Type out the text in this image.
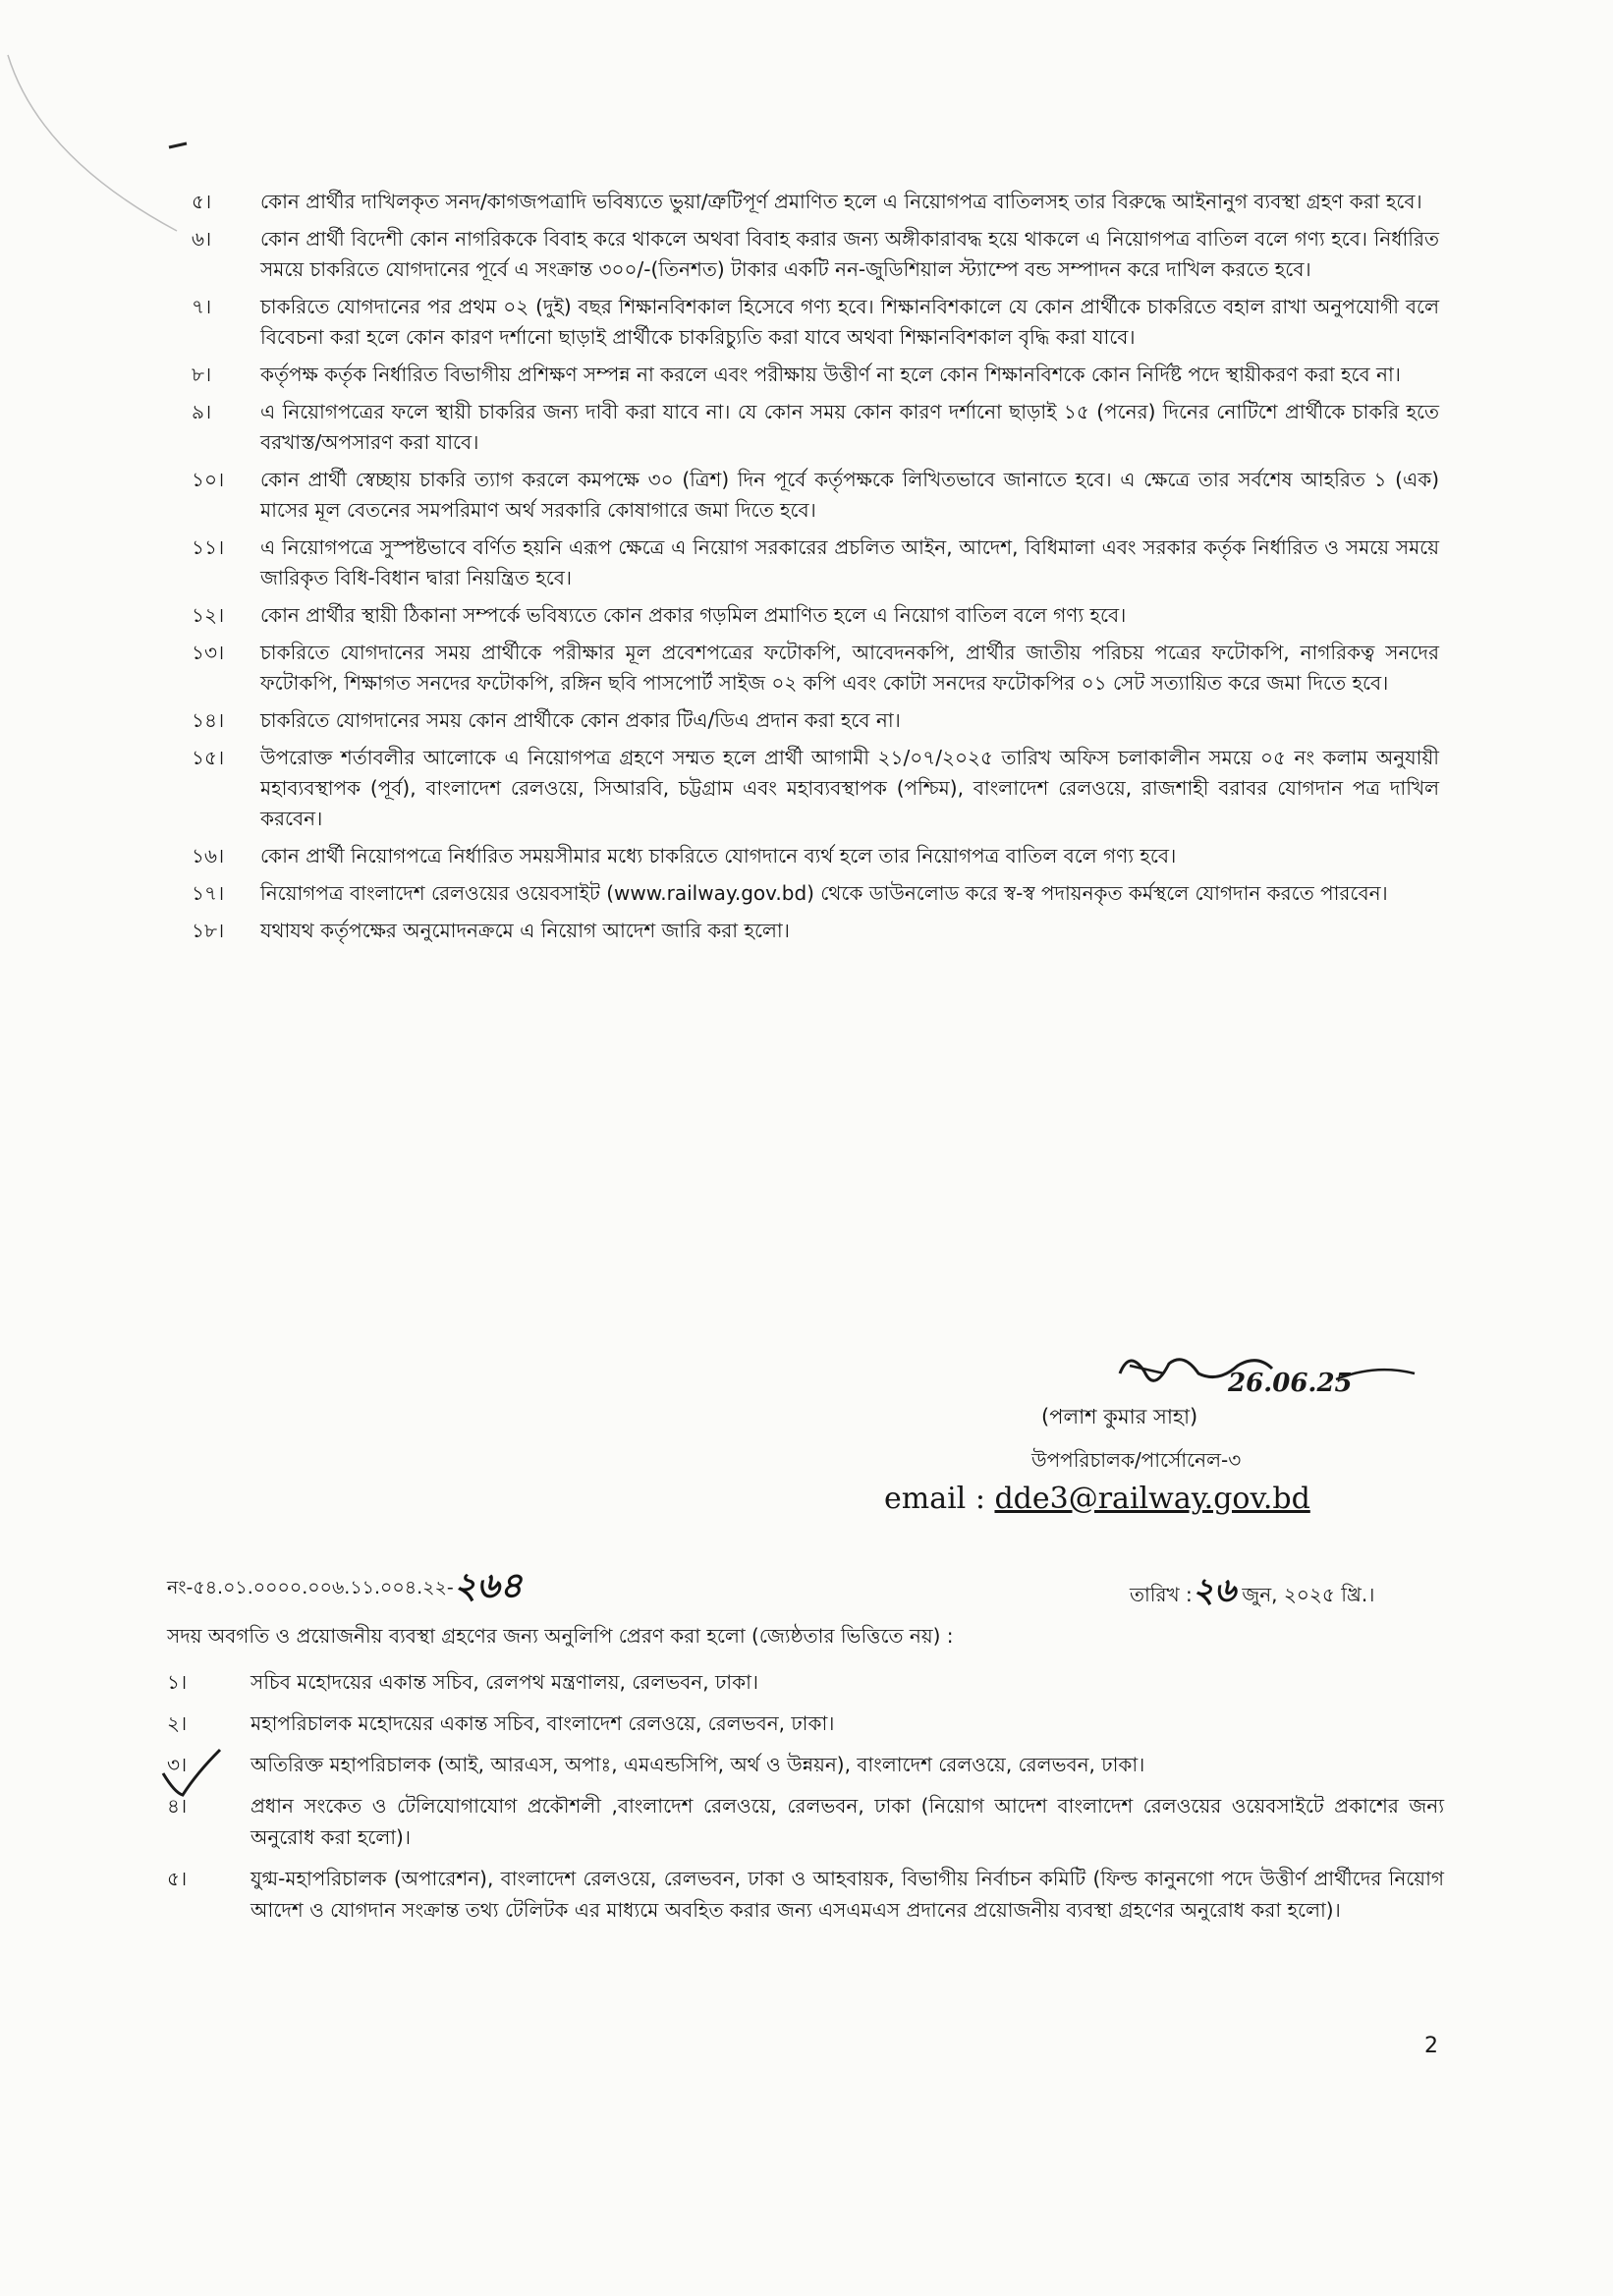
৫।	কোন প্রার্থীর দাখিলকৃত সনদ/কাগজপত্রাদি ভবিষ্যতে ভুয়া/ত্রুটিপূর্ণ প্রমাণিত হলে এ নিয়োগপত্র বাতিলসহ তার বিরুদ্ধে আইনানুগ ব্যবস্থা গ্রহণ করা হবে।
৬।	কোন প্রার্থী বিদেশী কোন নাগরিককে বিবাহ করে থাকলে অথবা বিবাহ করার জন্য অঙ্গীকারাবদ্ধ হয়ে থাকলে এ নিয়োগপত্র বাতিল বলে গণ্য হবে। নির্ধারিত সময়ে চাকরিতে যোগদানের পূর্বে এ সংক্রান্ত ৩০০/-(তিনশত) টাকার একটি নন-জুডিশিয়াল স্ট্যাম্পে বন্ড সম্পাদন করে দাখিল করতে হবে।
৭।	চাকরিতে যোগদানের পর প্রথম ০২ (দুই) বছর শিক্ষানবিশকাল হিসেবে গণ্য হবে। শিক্ষানবিশকালে যে কোন প্রার্থীকে চাকরিতে বহাল রাখা অনুপযোগী বলে বিবেচনা করা হলে কোন কারণ দর্শানো ছাড়াই প্রার্থীকে চাকরিচ্যুতি করা যাবে অথবা শিক্ষানবিশকাল বৃদ্ধি করা যাবে।
৮।	কর্তৃপক্ষ কর্তৃক নির্ধারিত বিভাগীয় প্রশিক্ষণ সম্পন্ন না করলে এবং পরীক্ষায় উত্তীর্ণ না হলে কোন শিক্ষানবিশকে কোন নির্দিষ্ট পদে স্থায়ীকরণ করা হবে না।
৯।	এ নিয়োগপত্রের ফলে স্থায়ী চাকরির জন্য দাবী করা যাবে না। যে কোন সময় কোন কারণ দর্শানো ছাড়াই ১৫ (পনের) দিনের নোটিশে প্রার্থীকে চাকরি হতে বরখাস্ত/অপসারণ করা যাবে।
১০।	কোন প্রার্থী স্বেচ্ছায় চাকরি ত্যাগ করলে কমপক্ষে ৩০ (ত্রিশ) দিন পূর্বে কর্তৃপক্ষকে লিখিতভাবে জানাতে হবে। এ ক্ষেত্রে তার সর্বশেষ আহরিত ১ (এক) মাসের মূল বেতনের সমপরিমাণ অর্থ সরকারি কোষাগারে জমা দিতে হবে।
১১।	এ নিয়োগপত্রে সুস্পষ্টভাবে বর্ণিত হয়নি এরূপ ক্ষেত্রে এ নিয়োগ সরকারের প্রচলিত আইন, আদেশ, বিধিমালা এবং সরকার কর্তৃক নির্ধারিত ও সময়ে সময়ে জারিকৃত বিধি-বিধান দ্বারা নিয়ন্ত্রিত হবে।
১২।	কোন প্রার্থীর স্থায়ী ঠিকানা সম্পর্কে ভবিষ্যতে কোন প্রকার গড়মিল প্রমাণিত হলে এ নিয়োগ বাতিল বলে গণ্য হবে।
১৩।	চাকরিতে যোগদানের সময় প্রার্থীকে পরীক্ষার মূল প্রবেশপত্রের ফটোকপি, আবেদনকপি, প্রার্থীর জাতীয় পরিচয় পত্রের ফটোকপি, নাগরিকত্ব সনদের ফটোকপি, শিক্ষাগত সনদের ফটোকপি, রঙ্গিন ছবি পাসপোর্ট সাইজ ০২ কপি এবং কোটা সনদের ফটোকপির ০১ সেট সত্যায়িত করে জমা দিতে হবে।
১৪।	চাকরিতে যোগদানের সময় কোন প্রার্থীকে কোন প্রকার টিএ/ডিএ প্রদান করা হবে না।
১৫।	উপরোক্ত শর্তাবলীর আলোকে এ নিয়োগপত্র গ্রহণে সম্মত হলে প্রার্থী আগামী ২১/০৭/২০২৫ তারিখ অফিস চলাকালীন সময়ে ০৫ নং কলাম অনুযায়ী মহাব্যবস্থাপক (পূর্ব), বাংলাদেশ রেলওয়ে, সিআরবি, চট্টগ্রাম এবং মহাব্যবস্থাপক (পশ্চিম), বাংলাদেশ রেলওয়ে, রাজশাহী বরাবর যোগদান পত্র দাখিল করবেন।
১৬।	কোন প্রার্থী নিয়োগপত্রে নির্ধারিত সময়সীমার মধ্যে চাকরিতে যোগদানে ব্যর্থ হলে তার নিয়োগপত্র বাতিল বলে গণ্য হবে।
১৭।	নিয়োগপত্র বাংলাদেশ রেলওয়ের ওয়েবসাইট (www.railway.gov.bd) থেকে ডাউনলোড করে স্ব-স্ব পদায়নকৃত কর্মস্থলে যোগদান করতে পারবেন।
১৮।	যথাযথ কর্তৃপক্ষের অনুমোদনক্রমে এ নিয়োগ আদেশ জারি করা হলো।
26.06.25
(পলাশ কুমার সাহা)
উপপরিচালক/পার্সোনেল-৩
email : dde3@railway.gov.bd
নং-৫৪.০১.০০০০.০০৬.১১.০০৪.২২-২৬৪	তারিখ :২৬ জুন, ২০২৫ খ্রি.।
সদয় অবগতি ও প্রয়োজনীয় ব্যবস্থা গ্রহণের জন্য অনুলিপি প্রেরণ করা হলো (জ্যেষ্ঠতার ভিত্তিতে নয়) :
১।	সচিব মহোদয়ের একান্ত সচিব, রেলপথ মন্ত্রণালয়, রেলভবন, ঢাকা।
২।	মহাপরিচালক মহোদয়ের একান্ত সচিব, বাংলাদেশ রেলওয়ে, রেলভবন, ঢাকা।
৩।	অতিরিক্ত মহাপরিচালক (আই, আরএস, অপাঃ, এমএন্ডসিপি, অর্থ ও উন্নয়ন), বাংলাদেশ রেলওয়ে, রেলভবন, ঢাকা।
৪।	প্রধান সংকেত ও টেলিযোগাযোগ প্রকৌশলী ,বাংলাদেশ রেলওয়ে, রেলভবন, ঢাকা (নিয়োগ আদেশ বাংলাদেশ রেলওয়ের ওয়েবসাইটে প্রকাশের জন্য অনুরোধ করা হলো)।
৫।	যুগ্ম-মহাপরিচালক (অপারেশন), বাংলাদেশ রেলওয়ে, রেলভবন, ঢাকা ও আহবায়ক, বিভাগীয় নির্বাচন কমিটি (ফিল্ড কানুনগো পদে উত্তীর্ণ প্রার্থীদের নিয়োগ আদেশ ও যোগদান সংক্রান্ত তথ্য টেলিটক এর মাধ্যমে অবহিত করার জন্য এসএমএস প্রদানের প্রয়োজনীয় ব্যবস্থা গ্রহণের অনুরোধ করা হলো)।
2
